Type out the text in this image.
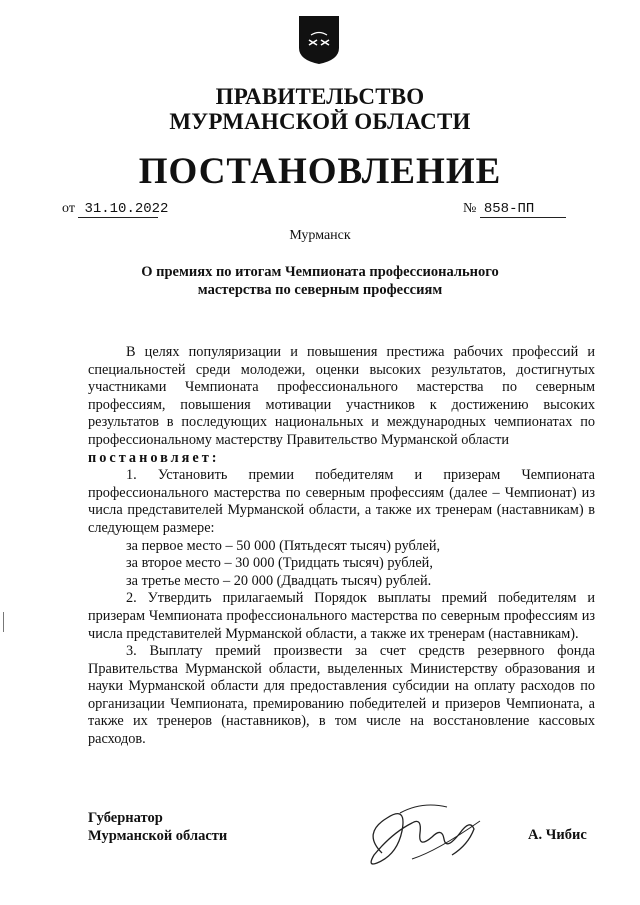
ПРАВИТЕЛЬСТВО
МУРМАНСКОЙ ОБЛАСТИ
ПОСТАНОВЛЕНИЕ
от 31.10.2022	№ 858-ПП
Мурманск
О премиях по итогам Чемпионата профессионального
мастерства по северным профессиям

В целях популяризации и повышения престижа рабочих профессий и специальностей среди молодежи, оценки высоких результатов, достигнутых участниками Чемпионата профессионального мастерства по северным профессиям, повышения мотивации участников к достижению высоких результатов в последующих национальных и международных чемпионатах по профессиональному мастерству Правительство Мурманской области

постановляет:

1. Установить премии победителям и призерам Чемпионата профессионального мастерства по северным профессиям (далее – Чемпионат) из числа представителей Мурманской области, а также их тренерам (наставникам) в следующем размере:

за первое место – 50 000 (Пятьдесят тысяч) рублей,

за второе место – 30 000 (Тридцать тысяч) рублей,

за третье место – 20 000 (Двадцать тысяч) рублей.

2. Утвердить прилагаемый Порядок выплаты премий победителям и призерам Чемпионата профессионального мастерства по северным профессиям из числа представителей Мурманской области, а также их тренерам (наставникам).

3. Выплату премий произвести за счет средств резервного фонда Правительства Мурманской области, выделенных Министерству образования и науки Мурманской области для предоставления субсидии на оплату расходов по организации Чемпионата, премированию победителей и призеров Чемпионата, а также их тренеров (наставников), в том числе на восстановление кассовых расходов.

Губернатор
Мурманской области	А. Чибис
